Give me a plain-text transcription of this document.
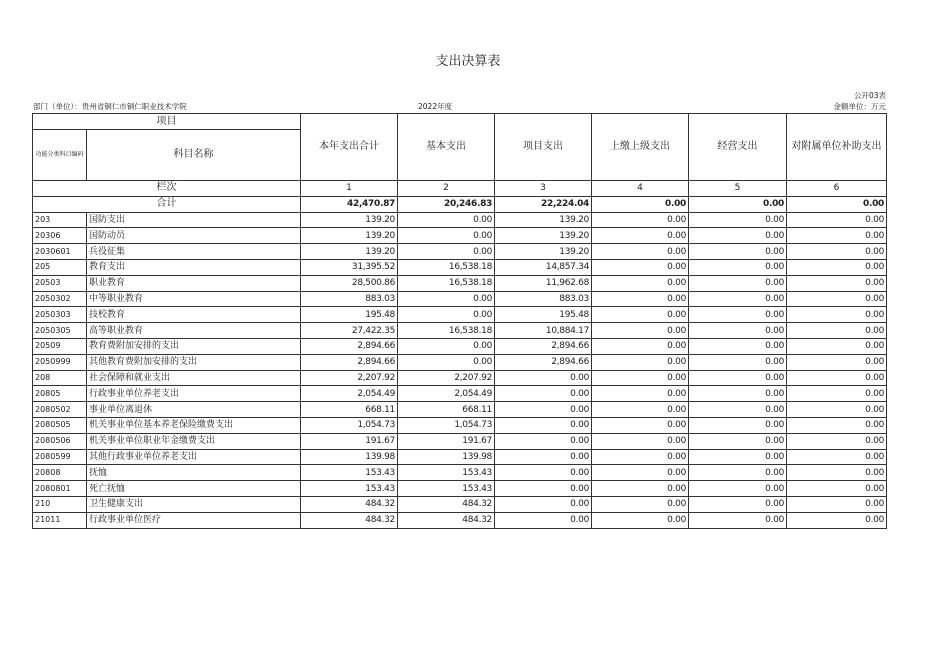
支出决算表
公开03表
部门（单位）：贵州省铜仁市铜仁职业技术学院	2022年度	金额单位：万元
项目		本年支出合计	基本支出	项目支出	上缴上级支出	经营支出	对附属单位补助支出
功能分类科目编码	科目名称						
栏次		1	2	3	4	5	6
合计		42,470.87	20,246.83	22,224.04	0.00	0.00	0.00
203	国防支出	139.20	0.00	139.20	0.00	0.00	0.00
20306	国防动员	139.20	0.00	139.20	0.00	0.00	0.00
2030601	兵役征集	139.20	0.00	139.20	0.00	0.00	0.00
205	教育支出	31,395.52	16,538.18	14,857.34	0.00	0.00	0.00
20503	职业教育	28,500.86	16,538.18	11,962.68	0.00	0.00	0.00
2050302	中等职业教育	883.03	0.00	883.03	0.00	0.00	0.00
2050303	技校教育	195.48	0.00	195.48	0.00	0.00	0.00
2050305	高等职业教育	27,422.35	16,538.18	10,884.17	0.00	0.00	0.00
20509	教育费附加安排的支出	2,894.66	0.00	2,894.66	0.00	0.00	0.00
2050999	其他教育费附加安排的支出	2,894.66	0.00	2,894.66	0.00	0.00	0.00
208	社会保障和就业支出	2,207.92	2,207.92	0.00	0.00	0.00	0.00
20805	行政事业单位养老支出	2,054.49	2,054.49	0.00	0.00	0.00	0.00
2080502	事业单位离退休	668.11	668.11	0.00	0.00	0.00	0.00
2080505	机关事业单位基本养老保险缴费支出	1,054.73	1,054.73	0.00	0.00	0.00	0.00
2080506	机关事业单位职业年金缴费支出	191.67	191.67	0.00	0.00	0.00	0.00
2080599	其他行政事业单位养老支出	139.98	139.98	0.00	0.00	0.00	0.00
20808	抚恤	153.43	153.43	0.00	0.00	0.00	0.00
2080801	死亡抚恤	153.43	153.43	0.00	0.00	0.00	0.00
210	卫生健康支出	484.32	484.32	0.00	0.00	0.00	0.00
21011	行政事业单位医疗	484.32	484.32	0.00	0.00	0.00	0.00
